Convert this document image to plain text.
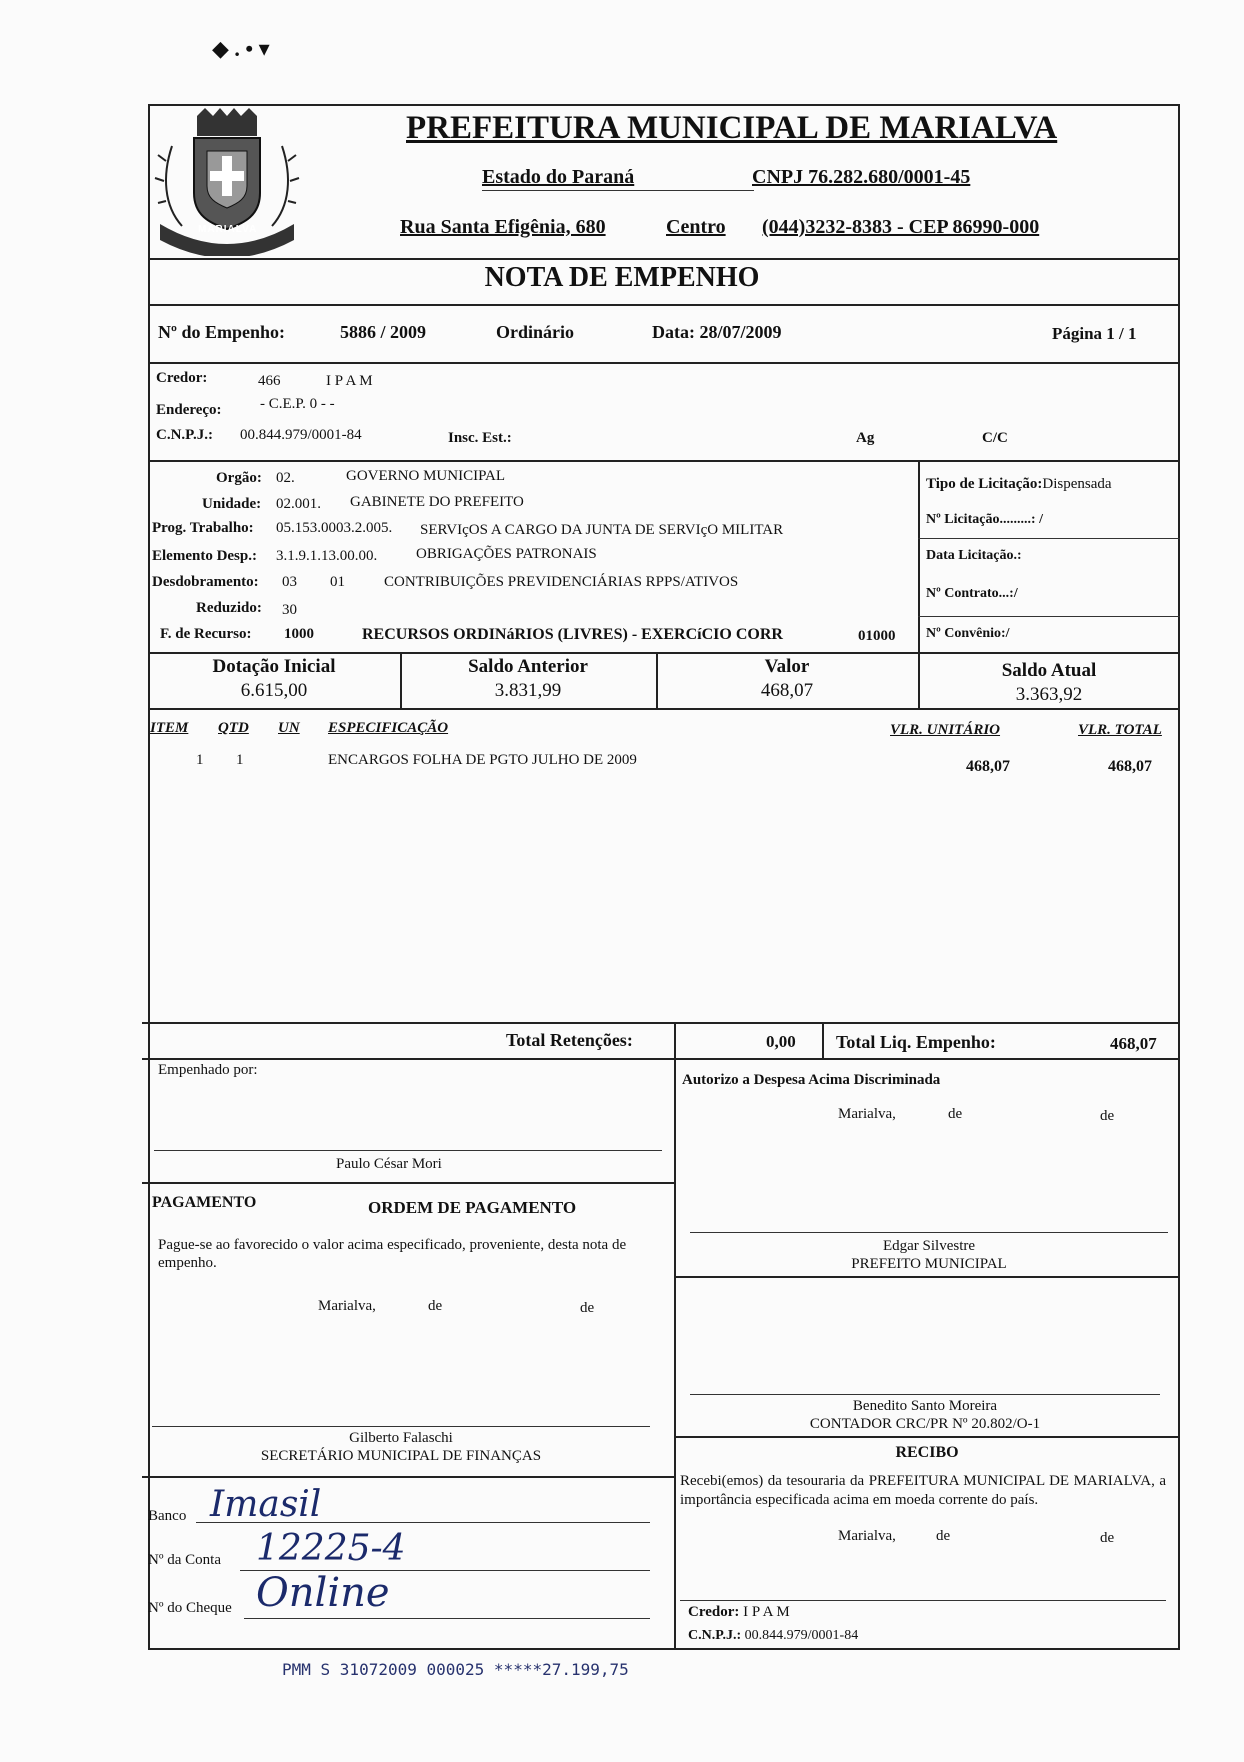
◆ . • ▾
MARIALVA
PREFEITURA MUNICIPAL DE MARIALVA
Estado do Paraná	CNPJ 76.282.680/0001-45
Rua Santa Efigênia, 680	Centro (044)3232-8383 - CEP 86990-000
NOTA DE EMPENHO
Nº do Empenho:	5886 / 2009	Ordinário	Data: 28/07/2009	Página 1 / 1
Credor:	466	I P A M
Endereço:	- C.E.P. 0 - -
C.N.P.J.: 00.844.979/0001-84	Insc. Est.:	Ag	C/C
Orgão: 02.	GOVERNO MUNICIPAL
Unidade: 02.001. GABINETE DO PREFEITO
Prog. Trabalho: 05.153.0003.2.005. SERVIçOS A CARGO DA JUNTA DE SERVIçO MILITAR
Elemento Desp.: 3.1.9.1.13.00.00.	OBRIGAÇÕES PATRONAIS
Desdobramento: 03 01	CONTRIBUIÇÕES PREVIDENCIÁRIAS RPPS/ATIVOS
Reduzido: 30
F. de Recurso: 1000	RECURSOS ORDINáRIOS (LIVRES) - EXERCíCIO CORR	01000
Tipo de Licitação:Dispensada
Nº Licitação.........: /
Data Licitação.:
Nº Contrato...:/
Nº Convênio:/
Dotação Inicial
6.615,00
Saldo Anterior
3.831,99
Valor
468,07
Saldo Atual
3.363,92
ITEM QTD UN ESPECIFICAÇÃO	VLR. UNITÁRIO	VLR. TOTAL
1 1	ENCARGOS FOLHA DE PGTO JULHO DE 2009	468,07	468,07
Total Retenções:	0,00 Total Liq. Empenho:	468,07
Empenhado por:
Paulo César Mori
Autorizo a Despesa Acima Discriminada
Marialva,	de	de
Edgar Silvestre
PREFEITO MUNICIPAL
PAGAMENTO	ORDEM DE PAGAMENTO
Pague-se ao favorecido o valor acima especificado, proveniente, desta nota de empenho.
Marialva,	de	de
Gilberto Falaschi
SECRETÁRIO MUNICIPAL DE FINANÇAS
Benedito Santo Moreira
CONTADOR CRC/PR Nº 20.802/O-1
RECIBO
Recebi(emos) da tesouraria da PREFEITURA MUNICIPAL DE MARIALVA, a importância especificada acima em moeda corrente do país.
Marialva,	de	de
Credor: I P A M
C.N.P.J.: 00.844.979/0001-84
Banco Imasil
Nº da Conta 12225-4
Nº do Cheque Online
PMM S 31072009 000025 *****27.199,75
